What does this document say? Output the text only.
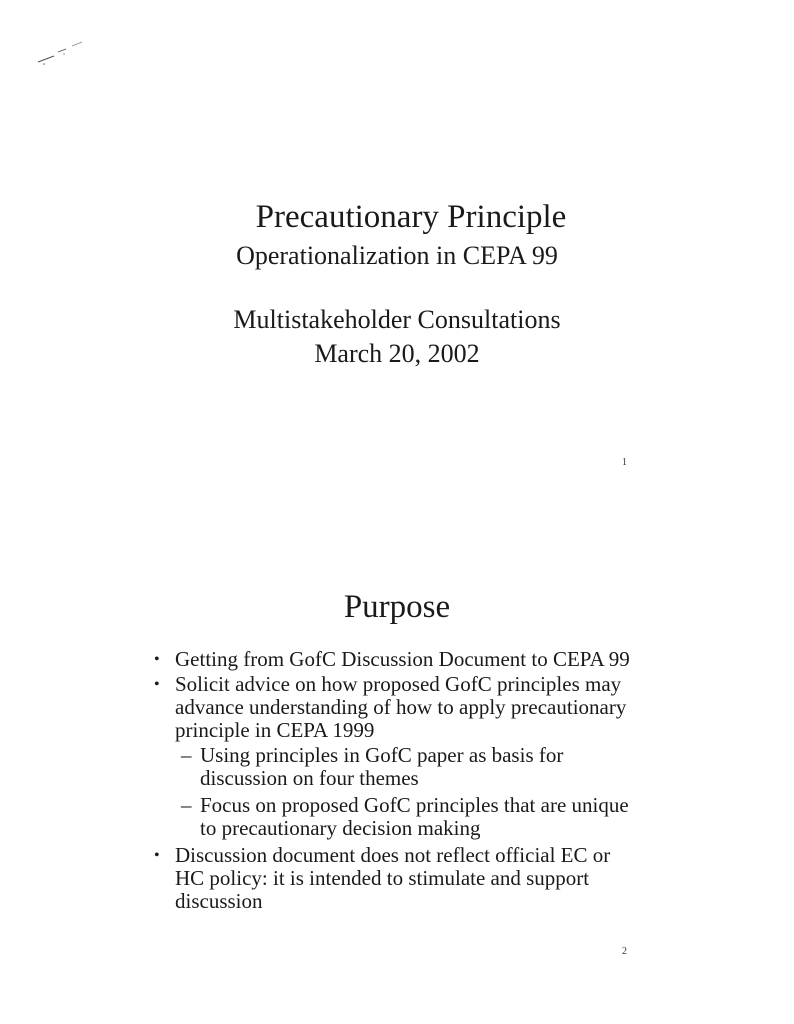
Precautionary Principle
Operationalization in CEPA 99
Multistakeholder Consultations
March 20, 2002
1
Purpose
• Getting from GofC Discussion Document to CEPA 99
• Solicit advice on how proposed GofC principles may advance understanding of how to apply precautionary principle in CEPA 1999
– Using principles in GofC paper as basis for discussion on four themes
– Focus on proposed GofC principles that are unique to precautionary decision making
• Discussion document does not reflect official EC or HC policy: it is intended to stimulate and support discussion
2
